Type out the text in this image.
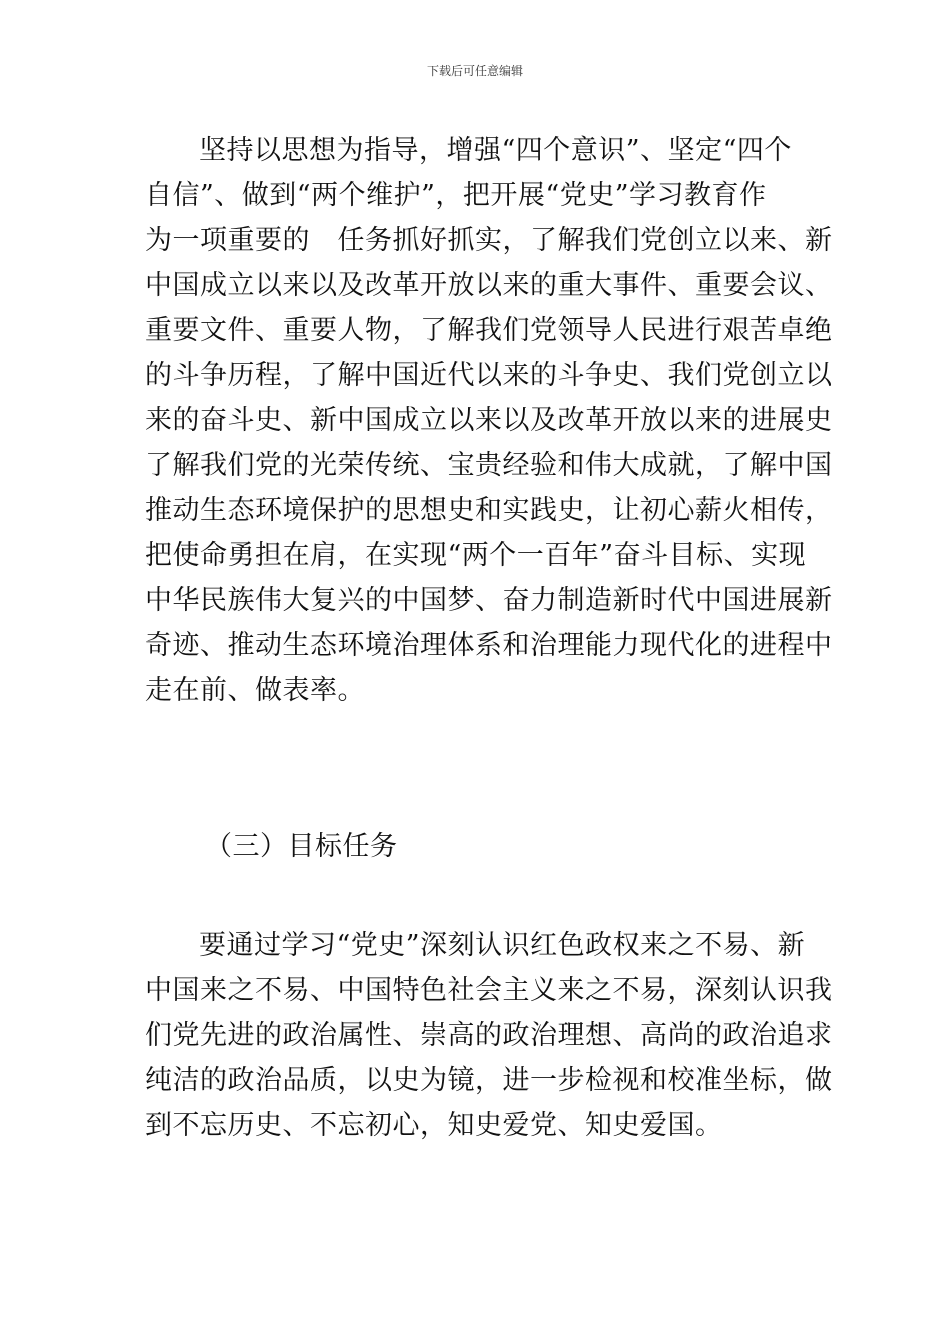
下载后可任意编辑
坚持以思想为指导，增强“四个意识”、坚定“四个
自信”、做到“两个维护”，把开展“党史”学习教育作
为一项重要的　任务抓好抓实，了解我们党创立以来、新
中国成立以来以及改革开放以来的重大事件、重要会议、
重要文件、重要人物，了解我们党领导人民进行艰苦卓绝
的斗争历程，了解中国近代以来的斗争史、我们党创立以
来的奋斗史、新中国成立以来以及改革开放以来的进展史
了解我们党的光荣传统、宝贵经验和伟大成就，了解中国
推动生态环境保护的思想史和实践史，让初心薪火相传，
把使命勇担在肩，在实现“两个一百年”奋斗目标、实现
中华民族伟大复兴的中国梦、奋力制造新时代中国进展新
奇迹、推动生态环境治理体系和治理能力现代化的进程中
走在前、做表率。
（三）目标任务
要通过学习“党史”深刻认识红色政权来之不易、新
中国来之不易、中国特色社会主义来之不易，深刻认识我
们党先进的政治属性、崇高的政治理想、高尚的政治追求
纯洁的政治品质，以史为镜，进一步检视和校准坐标，做
到不忘历史、不忘初心，知史爱党、知史爱国。
